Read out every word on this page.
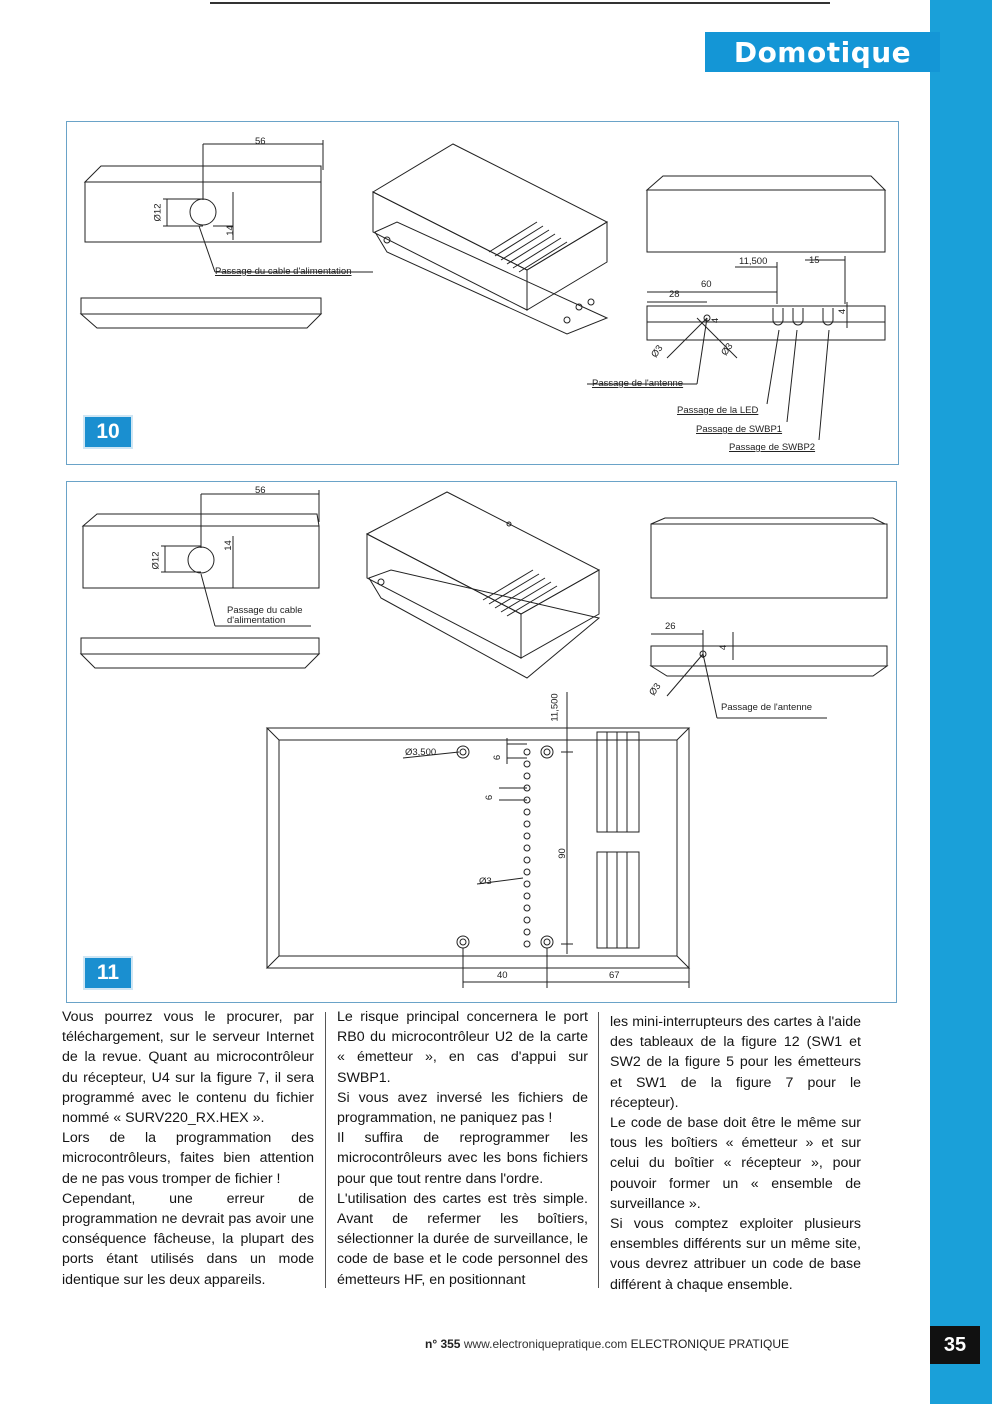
Domotique
56
Ø12
14
Passage du cable d'alimentation
11,500	15
60
28
4
4
Ø3	Ø3
Passage de l'antenne
Passage de la LED
Passage de SWBP1
Passage de SWBP2
10
56
Ø12
14
Passage du cable
d'alimentation
26
4
Ø3
Passage de l'antenne
11,500
Ø3,500	6
6
90
Ø3
40	67
11

Vous pourrez vous le procurer, par téléchargement, sur le serveur Internet de la revue. Quant au microcontrôleur du récepteur, U4 sur la figure 7, il sera programmé avec le contenu du fichier nommé « SURV220_RX.HEX ».

Lors de la programmation des microcontrôleurs, faites bien attention de ne pas vous tromper de fichier !

Cependant, une erreur de programmation ne devrait pas avoir une conséquence fâcheuse, la plupart des ports étant utilisés dans un mode identique sur les deux appareils.

Le risque principal concernera le port RB0 du microcontrôleur U2 de la carte « émetteur », en cas d'appui sur SWBP1.

Si vous avez inversé les fichiers de programmation, ne paniquez pas !

Il suffira de reprogrammer les microcontrôleurs avec les bons fichiers pour que tout rentre dans l'ordre.

L'utilisation des cartes est très simple. Avant de refermer les boîtiers, sélectionner la durée de surveillance, le code de base et le code personnel des émetteurs HF, en positionnant

les mini-interrupteurs des cartes à l'aide des tableaux de la figure 12 (SW1 et SW2 de la figure 5 pour les émetteurs et SW1 de la figure 7 pour le récepteur).

Le code de base doit être le même sur tous les boîtiers « émetteur » et sur celui du boîtier « récepteur », pour pouvoir former un « ensemble de surveillance ».

Si vous comptez exploiter plusieurs ensembles différents sur un même site, vous devrez attribuer un code de base différent à chaque ensemble.

n° 355 www.electroniquepratique.com ELECTRONIQUE PRATIQUE	35
